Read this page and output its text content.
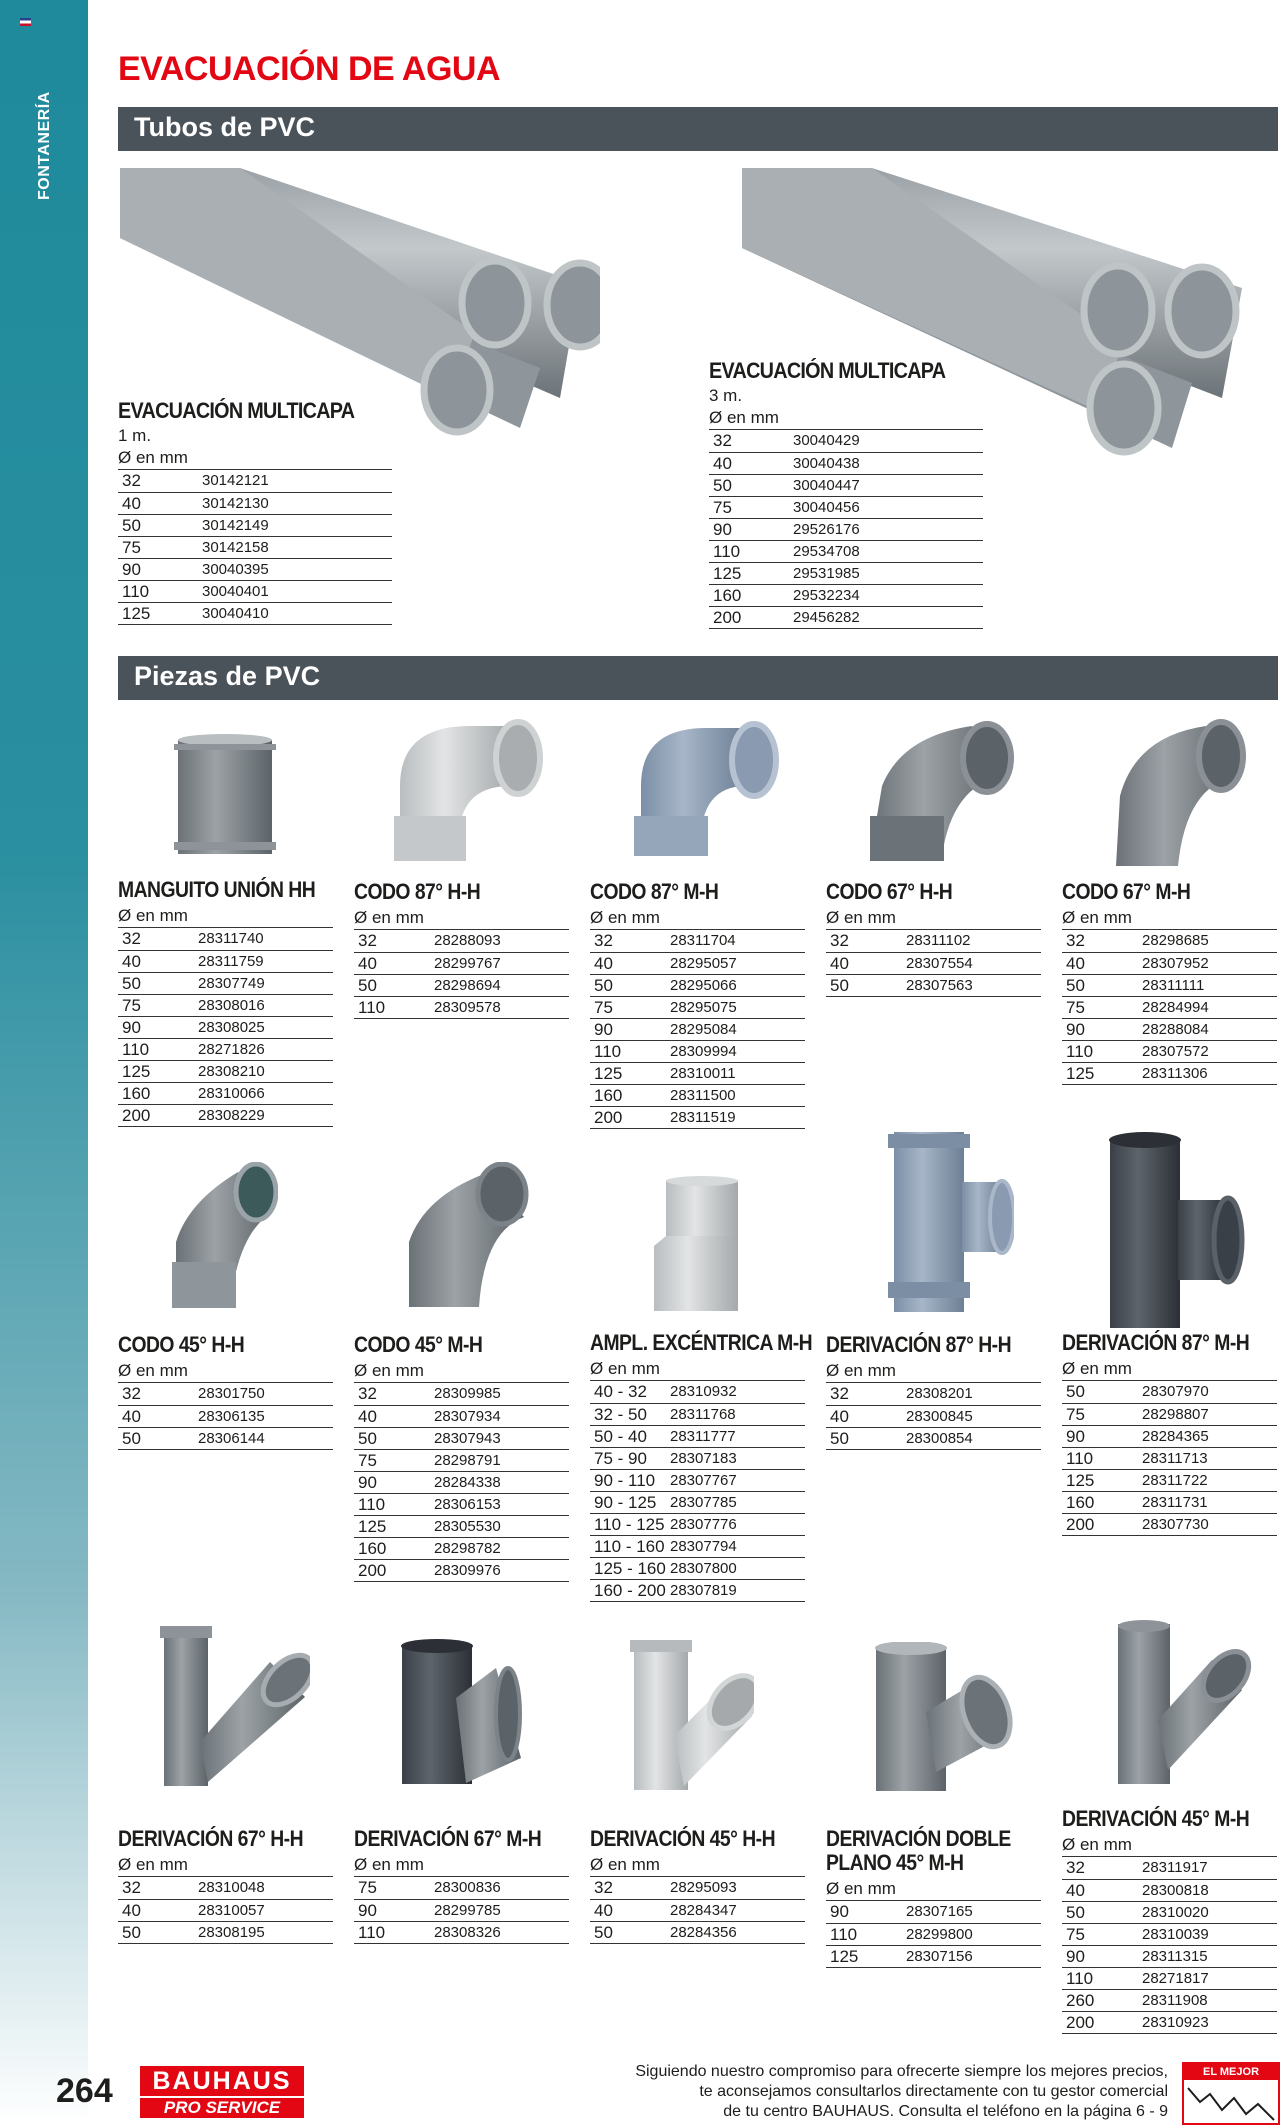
FONTANERÍA
EVACUACIÓN DE AGUA
Tubos de PVC
EVACUACIÓN MULTICAPA
1 m.
Ø en mm
32	30142121
40	30142130
50	30142149
75	30142158
90	30040395
110	30040401
125	30040410
EVACUACIÓN MULTICAPA
3 m.
Ø en mm
32	30040429
40	30040438
50	30040447
75	30040456
90	29526176
110	29534708
125	29531985
160	29532234
200	29456282
Piezas de PVC
MANGUITO UNIÓN HH
Ø en mm
32	28311740
40	28311759
50	28307749
75	28308016
90	28308025
110	28271826
125	28308210
160	28310066
200	28308229
CODO 87° H-H
Ø en mm
32	28288093
40	28299767
50	28298694
110	28309578
CODO 87° M-H
Ø en mm
32	28311704
40	28295057
50	28295066
75	28295075
90	28295084
110	28309994
125	28310011
160	28311500
200	28311519
CODO 67° H-H
Ø en mm
32	28311102
40	28307554
50	28307563
CODO 67° M-H
Ø en mm
32	28298685
40	28307952
50	28311111
75	28284994
90	28288084
110	28307572
125	28311306
CODO 45° H-H
Ø en mm
32	28301750
40	28306135
50	28306144
CODO 45° M-H
Ø en mm
32	28309985
40	28307934
50	28307943
75	28298791
90	28284338
110	28306153
125	28305530
160	28298782
200	28309976
AMPL. EXCÉNTRICA M-H
Ø en mm
40 - 32	28310932
32 - 50	28311768
50 - 40	28311777
75 - 90	28307183
90 - 110	28307767
90 - 125	28307785
110 - 125	28307776
110 - 160	28307794
125 - 160	28307800
160 - 200	28307819
DERIVACIÓN 87° H-H
Ø en mm
32	28308201
40	28300845
50	28300854
DERIVACIÓN 87° M-H
Ø en mm
50	28307970
75	28298807
90	28284365
110	28311713
125	28311722
160	28311731
200	28307730
DERIVACIÓN 67° H-H
Ø en mm
32	28310048
40	28310057
50	28308195
DERIVACIÓN 67° M-H
Ø en mm
75	28300836
90	28299785
110	28308326
DERIVACIÓN 45° H-H
Ø en mm
32	28295093
40	28284347
50	28284356
DERIVACIÓN DOBLE
PLANO 45° M-H
Ø en mm
90	28307165
110	28299800
125	28307156
DERIVACIÓN 45° M-H
Ø en mm
32	28311917
40	28300818
50	28310020
75	28310039
90	28311315
110	28271817
260	28311908
200	28310923
264	BAUHAUS
PRO SERVICE
Siguiendo nuestro compromiso para ofrecerte siempre los mejores precios,
te aconsejamos consultarlos directamente con tu gestor comercial
de tu centro BAUHAUS. Consulta el teléfono en la página 6 - 9
EL MEJOR PRECIO
